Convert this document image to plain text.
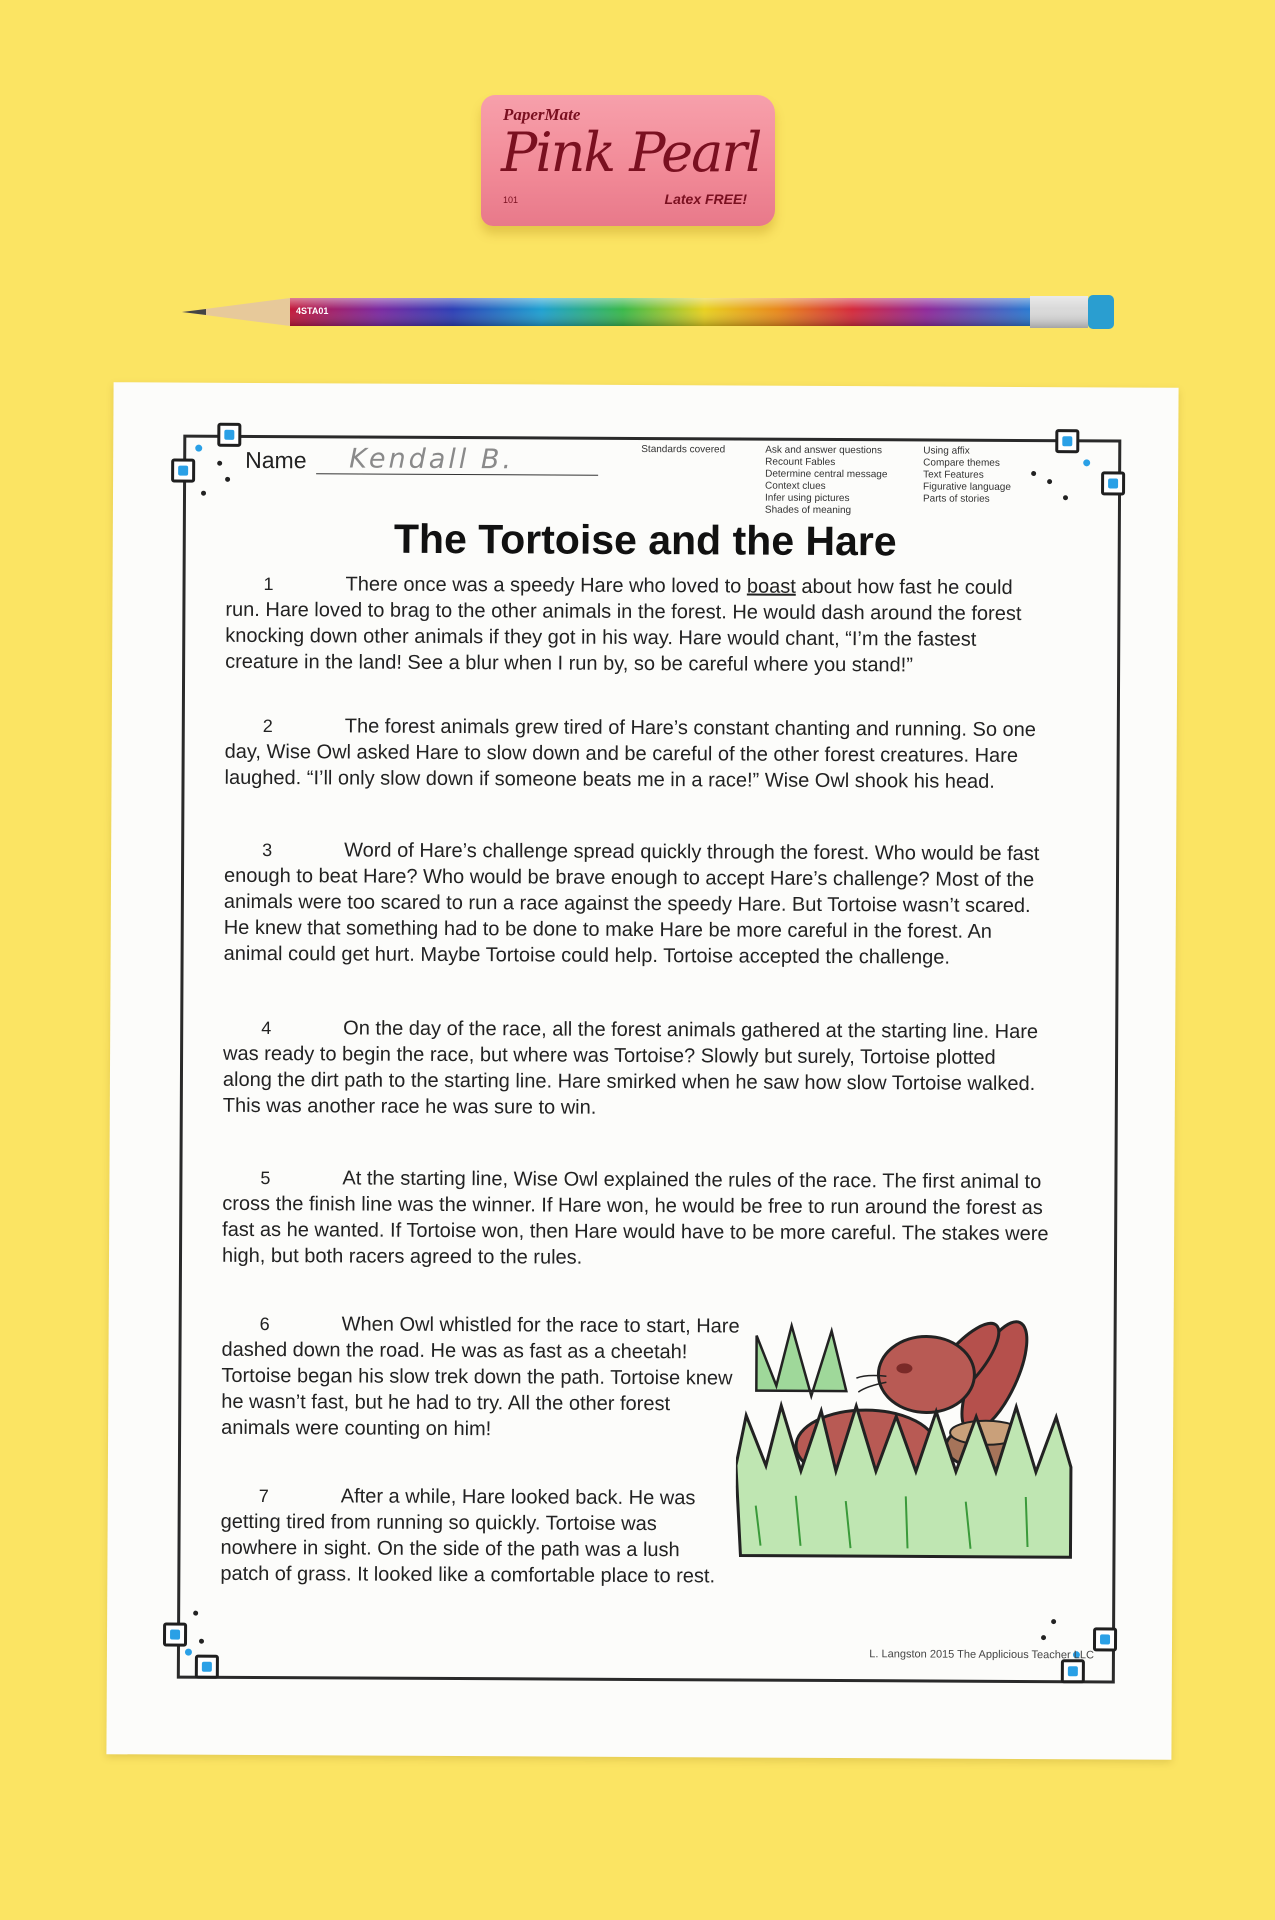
PaperMate
Pink Pearl
101	Latex FREE!
4STA01
Name Kendall B.	Standards covered	Ask and answer questions
Recount Fables
Determine central message
Context clues
Infer using pictures
Shades of meaning
Using affix
Compare themes
Text Features
Figurative language
Parts of stories
The Tortoise and the Hare
1	There once was a speedy Hare who loved to boast about how fast he could run. Hare loved to brag to the other animals in the forest. He would dash around the forest knocking down other animals if they got in his way. Hare would chant, “I’m the fastest creature in the land! See a blur when I run by, so be careful where you stand!”
2	The forest animals grew tired of Hare’s constant chanting and running. So one day, Wise Owl asked Hare to slow down and be careful of the other forest creatures. Hare laughed. “I’ll only slow down if someone beats me in a race!” Wise Owl shook his head.
3	Word of Hare’s challenge spread quickly through the forest. Who would be fast enough to beat Hare? Who would be brave enough to accept Hare’s challenge? Most of the animals were too scared to run a race against the speedy Hare. But Tortoise wasn’t scared. He knew that something had to be done to make Hare be more careful in the forest. An animal could get hurt. Maybe Tortoise could help. Tortoise accepted the challenge.
4	On the day of the race, all the forest animals gathered at the starting line. Hare was ready to begin the race, but where was Tortoise? Slowly but surely, Tortoise plotted along the dirt path to the starting line. Hare smirked when he saw how slow Tortoise walked. This was another race he was sure to win.
5	At the starting line, Wise Owl explained the rules of the race. The first animal to cross the finish line was the winner. If Hare won, he would be free to run around the forest as fast as he wanted. If Tortoise won, then Hare would have to be more careful. The stakes were high, but both racers agreed to the rules.
6	When Owl whistled for the race to start, Hare dashed down the road. He was as fast as a cheetah! Tortoise began his slow trek down the path. Tortoise knew he wasn’t fast, but he had to try. All the other forest animals were counting on him!
7	After a while, Hare looked back. He was getting tired from running so quickly. Tortoise was nowhere in sight. On the side of the path was a lush patch of grass. It looked like a comfortable place to rest.
L. Langston 2015 The Applicious Teacher LLC
